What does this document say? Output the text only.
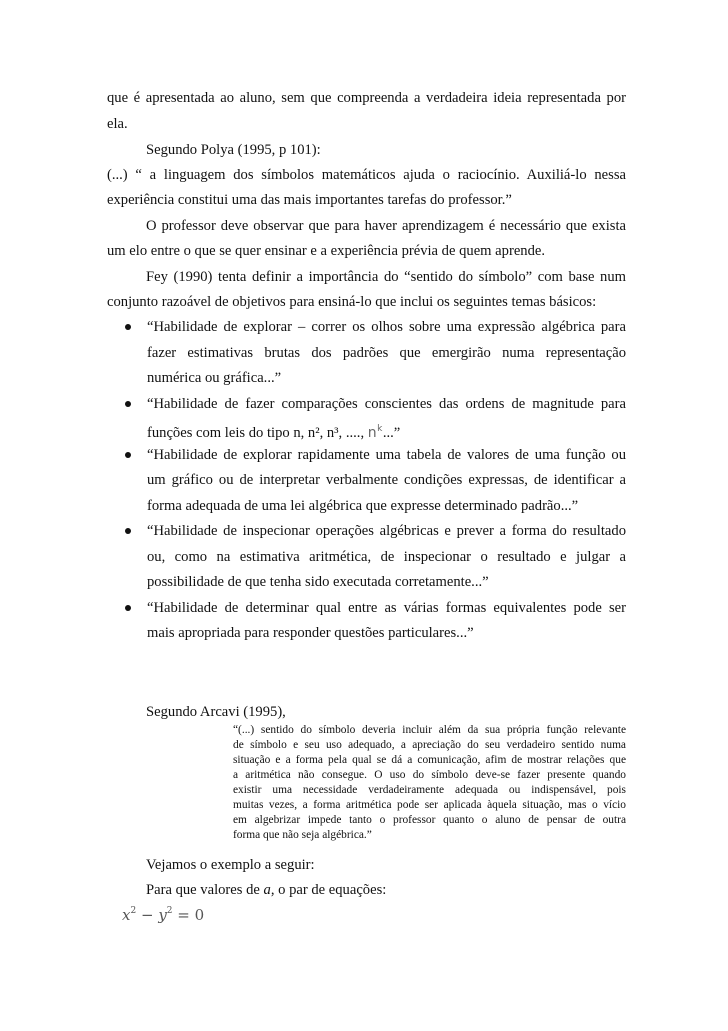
que é apresentada ao aluno, sem que compreenda a verdadeira ideia representada por
ela.
Segundo Polya (1995, p 101):
(...) “ a linguagem dos símbolos matemáticos ajuda o raciocínio. Auxiliá-lo nessa
experiência constitui uma das mais importantes tarefas do professor.”
O professor deve observar que para haver aprendizagem é necessário que exista
um elo entre o que se quer ensinar e a experiência prévia de quem aprende.
Fey (1990) tenta definir a importância do “sentido do símbolo” com base num
conjunto razoável de objetivos para ensiná-lo que inclui os seguintes temas básicos:
“Habilidade de explorar – correr os olhos sobre uma expressão algébrica para
fazer estimativas brutas dos padrões que emergirão numa representação
numérica ou gráfica...”
“Habilidade de fazer comparações conscientes das ordens de magnitude para
funções com leis do tipo n, n², n³, ...., $n^k$...”
“Habilidade de explorar rapidamente uma tabela de valores de uma função ou
um gráfico ou de interpretar verbalmente condições expressas, de identificar a
forma adequada de uma lei algébrica que expresse determinado padrão...”
“Habilidade de inspecionar operações algébricas e prever a forma do resultado
ou, como na estimativa aritmética, de inspecionar o resultado e julgar a
possibilidade de que tenha sido executada corretamente...”
“Habilidade de determinar qual entre as várias formas equivalentes pode ser
mais apropriada para responder questões particulares...”
Segundo Arcavi (1995),
“(...) sentido do símbolo deveria incluir além da sua própria função relevante
de símbolo e seu uso adequado, a apreciação do seu verdadeiro sentido numa
situação e a forma pela qual se dá a comunicação, afim de mostrar relações que
a aritmética não consegue. O uso do símbolo deve-se fazer presente quando
existir uma necessidade verdadeiramente adequada ou indispensável, pois
muitas vezes, a forma aritmética pode ser aplicada àquela situação, mas o vício
em algebrizar impede tanto o professor quanto o aluno de pensar de outra
forma que não seja algébrica.”
Vejamos o exemplo a seguir:
Para que valores de a, o par de equações:
$x^2 - y^2 = 0$
